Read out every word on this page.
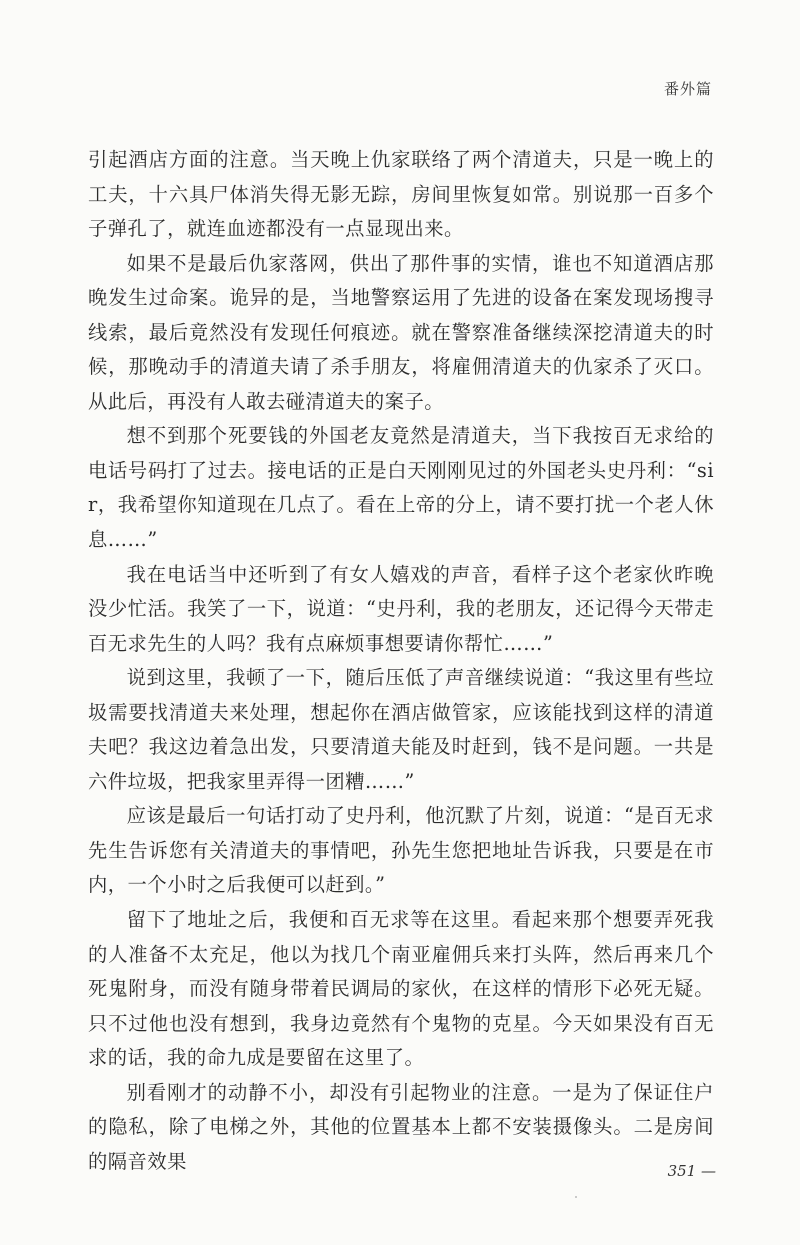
番外篇

引起酒店方面的注意。当天晚上仇家联络了两个清道夫，只是一晚上的工夫，十六具尸体消失得无影无踪，房间里恢复如常。别说那一百多个子弹孔了，就连血迹都没有一点显现出来。

如果不是最后仇家落网，供出了那件事的实情，谁也不知道酒店那晚发生过命案。诡异的是，当地警察运用了先进的设备在案发现场搜寻线索，最后竟然没有发现任何痕迹。就在警察准备继续深挖清道夫的时候，那晚动手的清道夫请了杀手朋友，将雇佣清道夫的仇家杀了灭口。从此后，再没有人敢去碰清道夫的案子。

想不到那个死要钱的外国老友竟然是清道夫，当下我按百无求给的电话号码打了过去。接电话的正是白天刚刚见过的外国老头史丹利：“sir，我希望你知道现在几点了。看在上帝的分上，请不要打扰一个老人休息……”

我在电话当中还听到了有女人嬉戏的声音，看样子这个老家伙昨晚没少忙活。我笑了一下，说道：“史丹利，我的老朋友，还记得今天带走百无求先生的人吗？我有点麻烦事想要请你帮忙……”

说到这里，我顿了一下，随后压低了声音继续说道：“我这里有些垃圾需要找清道夫来处理，想起你在酒店做管家，应该能找到这样的清道夫吧？我这边着急出发，只要清道夫能及时赶到，钱不是问题。一共是六件垃圾，把我家里弄得一团糟……”

应该是最后一句话打动了史丹利，他沉默了片刻，说道：“是百无求先生告诉您有关清道夫的事情吧，孙先生您把地址告诉我，只要是在市内，一个小时之后我便可以赶到。”

留下了地址之后，我便和百无求等在这里。看起来那个想要弄死我的人准备不太充足，他以为找几个南亚雇佣兵来打头阵，然后再来几个死鬼附身，而没有随身带着民调局的家伙，在这样的情形下必死无疑。只不过他也没有想到，我身边竟然有个鬼物的克星。今天如果没有百无求的话，我的命九成是要留在这里了。

别看刚才的动静不小，却没有引起物业的注意。一是为了保证住户的隐私，除了电梯之外，其他的位置基本上都不安装摄像头。二是房间的隔音效果	351 —
